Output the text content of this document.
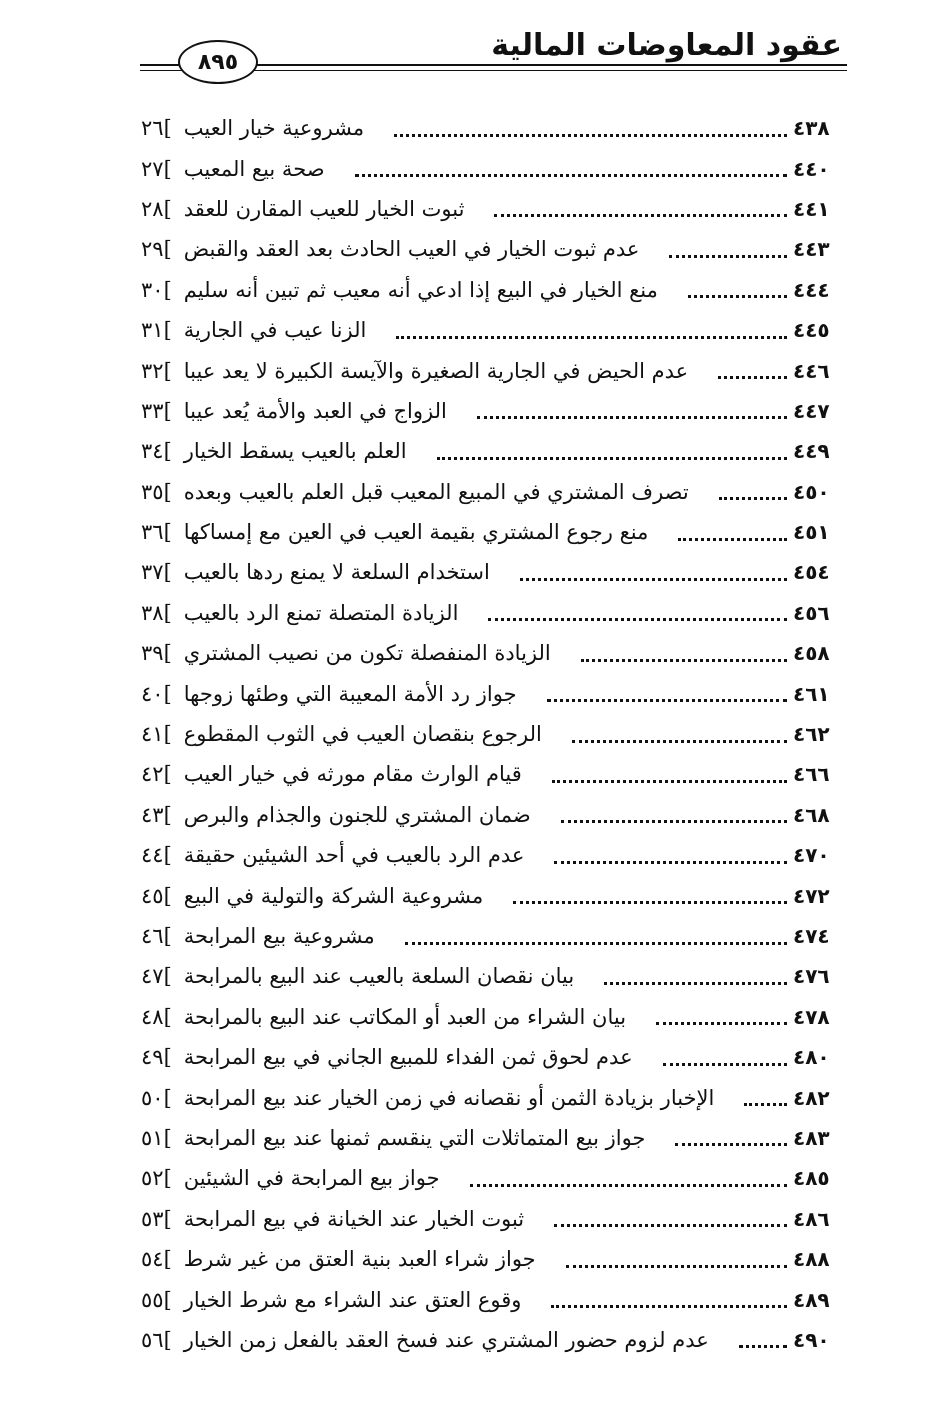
عقود المعاوضات المالية
٨٩٥
]٢٦ مشروعية خيار العيب	٤٣٨
]٢٧ صحة بيع المعيب	٤٤٠
]٢٨ ثبوت الخيار للعيب المقارن للعقد	٤٤١
]٢٩ عدم ثبوت الخيار في العيب الحادث بعد العقد والقبض	٤٤٣
]٣٠ منع الخيار في البيع إذا ادعي أنه معيب ثم تبين أنه سليم	٤٤٤
]٣١ الزنا عيب في الجارية	٤٤٥
]٣٢ عدم الحيض في الجارية الصغيرة والآيسة الكبيرة لا يعد عيبا	٤٤٦
]٣٣ الزواج في العبد والأمة يُعد عيبا	٤٤٧
]٣٤ العلم بالعيب يسقط الخيار	٤٤٩
]٣٥ تصرف المشتري في المبيع المعيب قبل العلم بالعيب وبعده	٤٥٠
]٣٦ منع رجوع المشتري بقيمة العيب في العين مع إمساكها	٤٥١
]٣٧ استخدام السلعة لا يمنع ردها بالعيب	٤٥٤
]٣٨ الزيادة المتصلة تمنع الرد بالعيب	٤٥٦
]٣٩ الزيادة المنفصلة تكون من نصيب المشتري	٤٥٨
]٤٠ جواز رد الأمة المعيبة التي وطئها زوجها	٤٦١
]٤١ الرجوع بنقصان العيب في الثوب المقطوع	٤٦٢
]٤٢ قيام الوارث مقام مورثه في خيار العيب	٤٦٦
]٤٣ ضمان المشتري للجنون والجذام والبرص	٤٦٨
]٤٤ عدم الرد بالعيب في أحد الشيئين حقيقة	٤٧٠
]٤٥ مشروعية الشركة والتولية في البيع	٤٧٢
]٤٦ مشروعية بيع المرابحة	٤٧٤
]٤٧ بيان نقصان السلعة بالعيب عند البيع بالمرابحة	٤٧٦
]٤٨ بيان الشراء من العبد أو المكاتب عند البيع بالمرابحة	٤٧٨
]٤٩ عدم لحوق ثمن الفداء للمبيع الجاني في بيع المرابحة	٤٨٠
]٥٠ الإخبار بزيادة الثمن أو نقصانه في زمن الخيار عند بيع المرابحة	٤٨٢
]٥١ جواز بيع المتماثلات التي ينقسم ثمنها عند بيع المرابحة	٤٨٣
]٥٢ جواز بيع المرابحة في الشيئين	٤٨٥
]٥٣ ثبوت الخيار عند الخيانة في بيع المرابحة	٤٨٦
]٥٤ جواز شراء العبد بنية العتق من غير شرط	٤٨٨
]٥٥ وقوع العتق عند الشراء مع شرط الخيار	٤٨٩
]٥٦ عدم لزوم حضور المشتري عند فسخ العقد بالفعل زمن الخيار	٤٩٠
